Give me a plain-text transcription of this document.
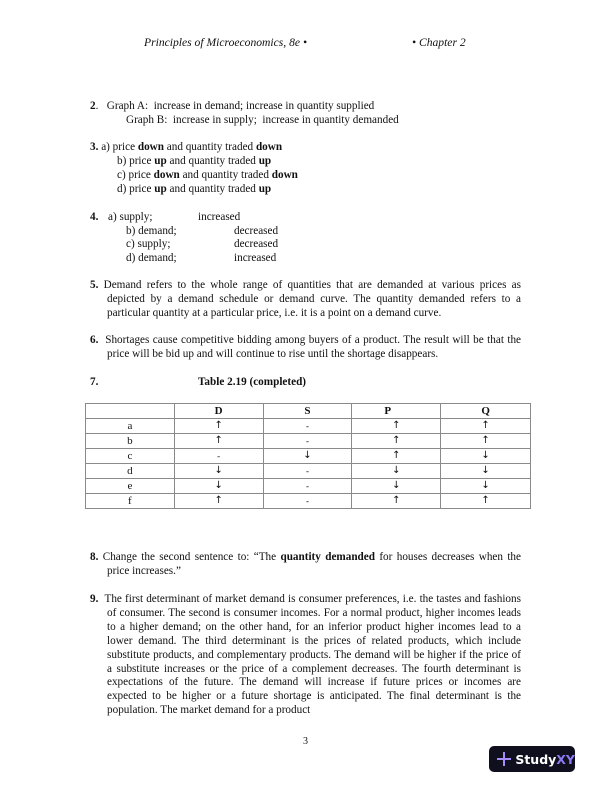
Principles of Microeconomics, 8e •	• Chapter 2
2.   Graph A:  increase in demand; increase in quantity supplied
Graph B:  increase in supply;  increase in quantity demanded
3. a) price down and quantity traded down
b) price up and quantity traded up
c) price down and quantity traded down
d) price up and quantity traded up
4. a) supply;	increased
b) demand;	decreased
c) supply;	decreased
d) demand;	increased
5. Demand refers to the whole range of quantities that are demanded at various prices as depicted by a demand schedule or demand curve. The quantity demanded refers to a particular quantity at a particular price, i.e. it is a point on a demand curve.
6. Shortages cause competitive bidding among buyers of a product. The result will be that the price will be bid up and will continue to rise until the shortage disappears.
7.	Table 2.19 (completed)
	D	S	P	Q
a	↑	-	↑	↑
b	↑	-	↑	↑
c	-	↓	↑	↓
d	↓	-	↓	↓
e	↓	-	↓	↓
f	↑	-	↑	↑
8. Change the second sentence to: “The quantity demanded for houses decreases when the price increases.”
9. The first determinant of market demand is consumer preferences, i.e. the tastes and fashions of consumer. The second is consumer incomes. For a normal product, higher incomes leads to a higher demand; on the other hand, for an inferior product higher incomes lead to a lower demand. The third determinant is the prices of related products, which include substitute products, and complementary products. The demand will be higher if the price of a substitute increases or the price of a complement decreases. The fourth determinant is expectations of the future. The demand will increase if future prices or incomes are expected to be higher or a future shortage is anticipated. The final determinant is the population. The market demand for a product
3
StudyXY
